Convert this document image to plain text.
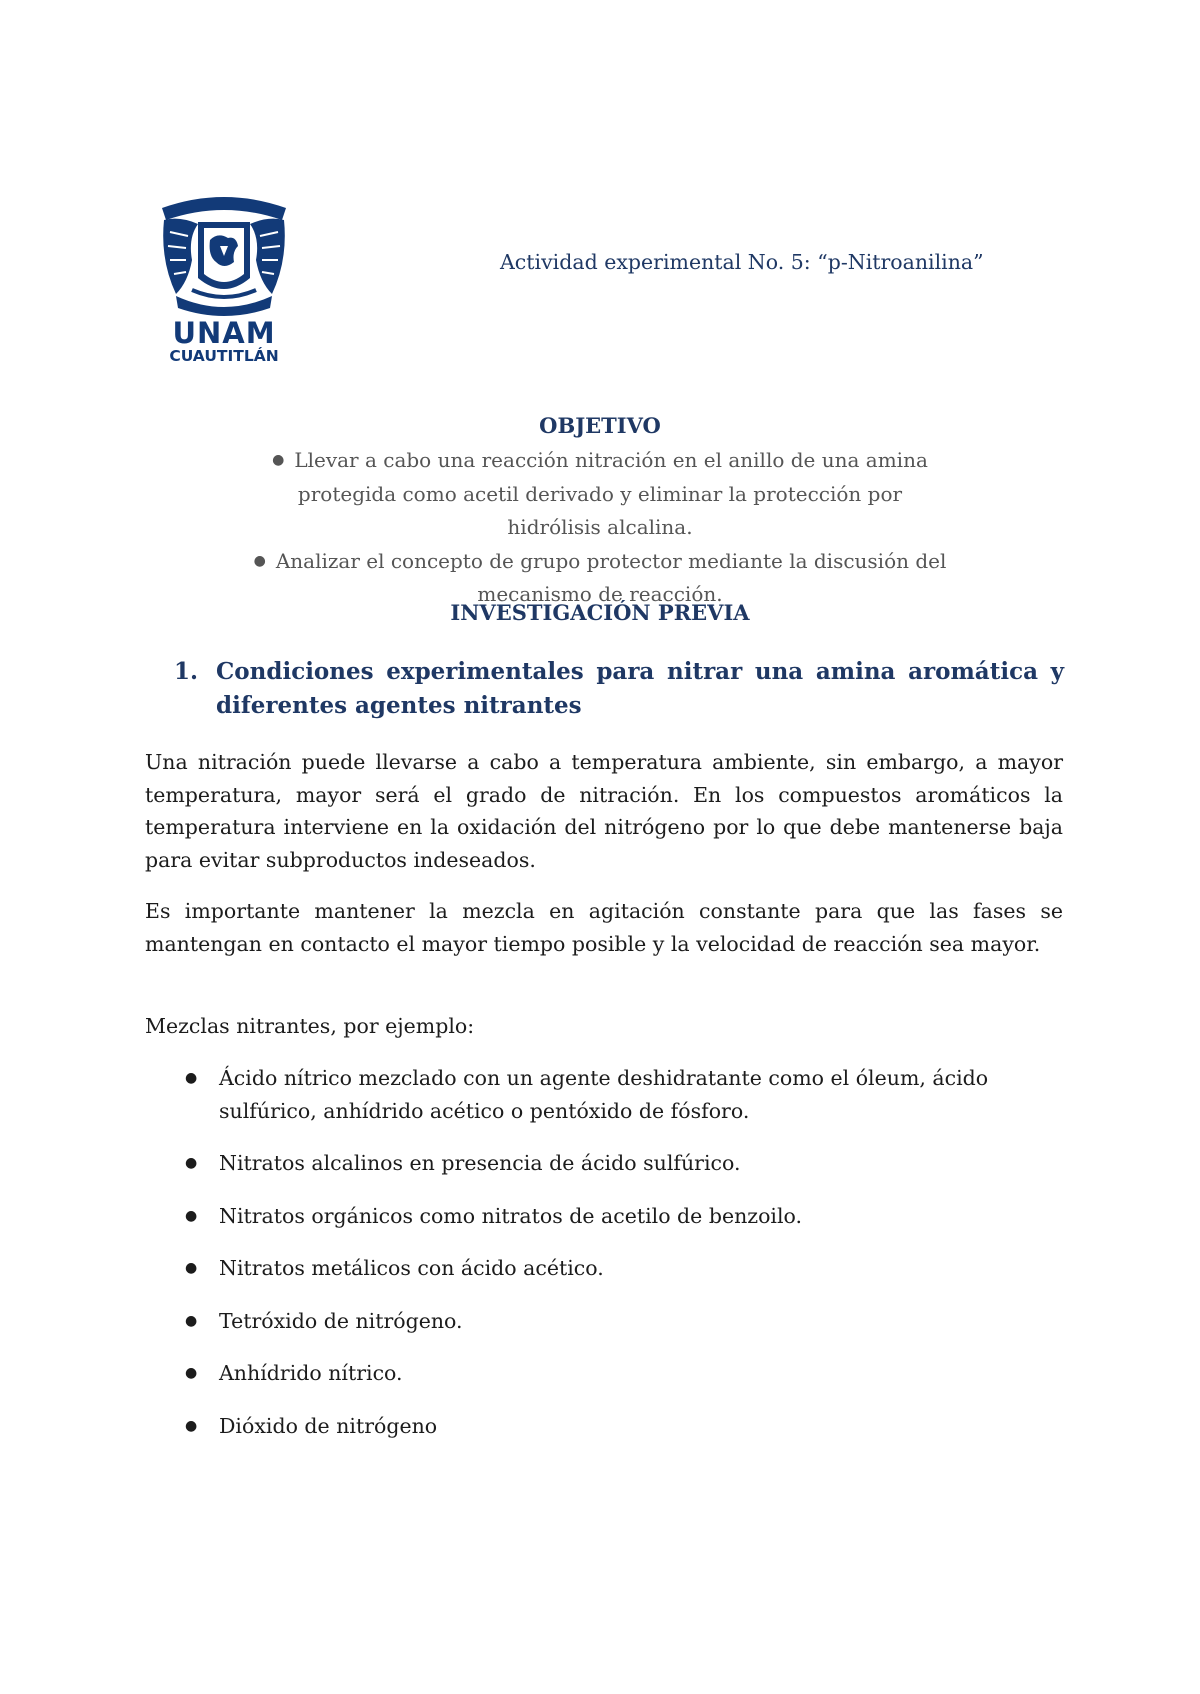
UNAM
CUAUTITLÁN
Actividad experimental No. 5: “p-Nitroanilina”
OBJETIVO
● Llevar a cabo una reacción nitración en el anillo de una amina protegida como acetil derivado y eliminar la protección por hidrólisis alcalina.
● Analizar el concepto de grupo protector mediante la discusión del mecanismo de reacción.
INVESTIGACIÓN PREVIA
1. Condiciones experimentales para nitrar una amina aromática y diferentes agentes nitrantes
Una nitración puede llevarse a cabo a temperatura ambiente, sin embargo, a mayor temperatura, mayor será el grado de nitración. En los compuestos aromáticos la temperatura interviene en la oxidación del nitrógeno por lo que debe mantenerse baja para evitar subproductos indeseados.
Es importante mantener la mezcla en agitación constante para que las fases se mantengan en contacto el mayor tiempo posible y la velocidad de reacción sea mayor.
Mezclas nitrantes, por ejemplo:
● Ácido nítrico mezclado con un agente deshidratante como el óleum, ácido sulfúrico, anhídrido acético o pentóxido de fósforo.
● Nitratos alcalinos en presencia de ácido sulfúrico.
● Nitratos orgánicos como nitratos de acetilo de benzoilo.
● Nitratos metálicos con ácido acético.
● Tetróxido de nitrógeno.
● Anhídrido nítrico.
● Dióxido de nitrógeno
